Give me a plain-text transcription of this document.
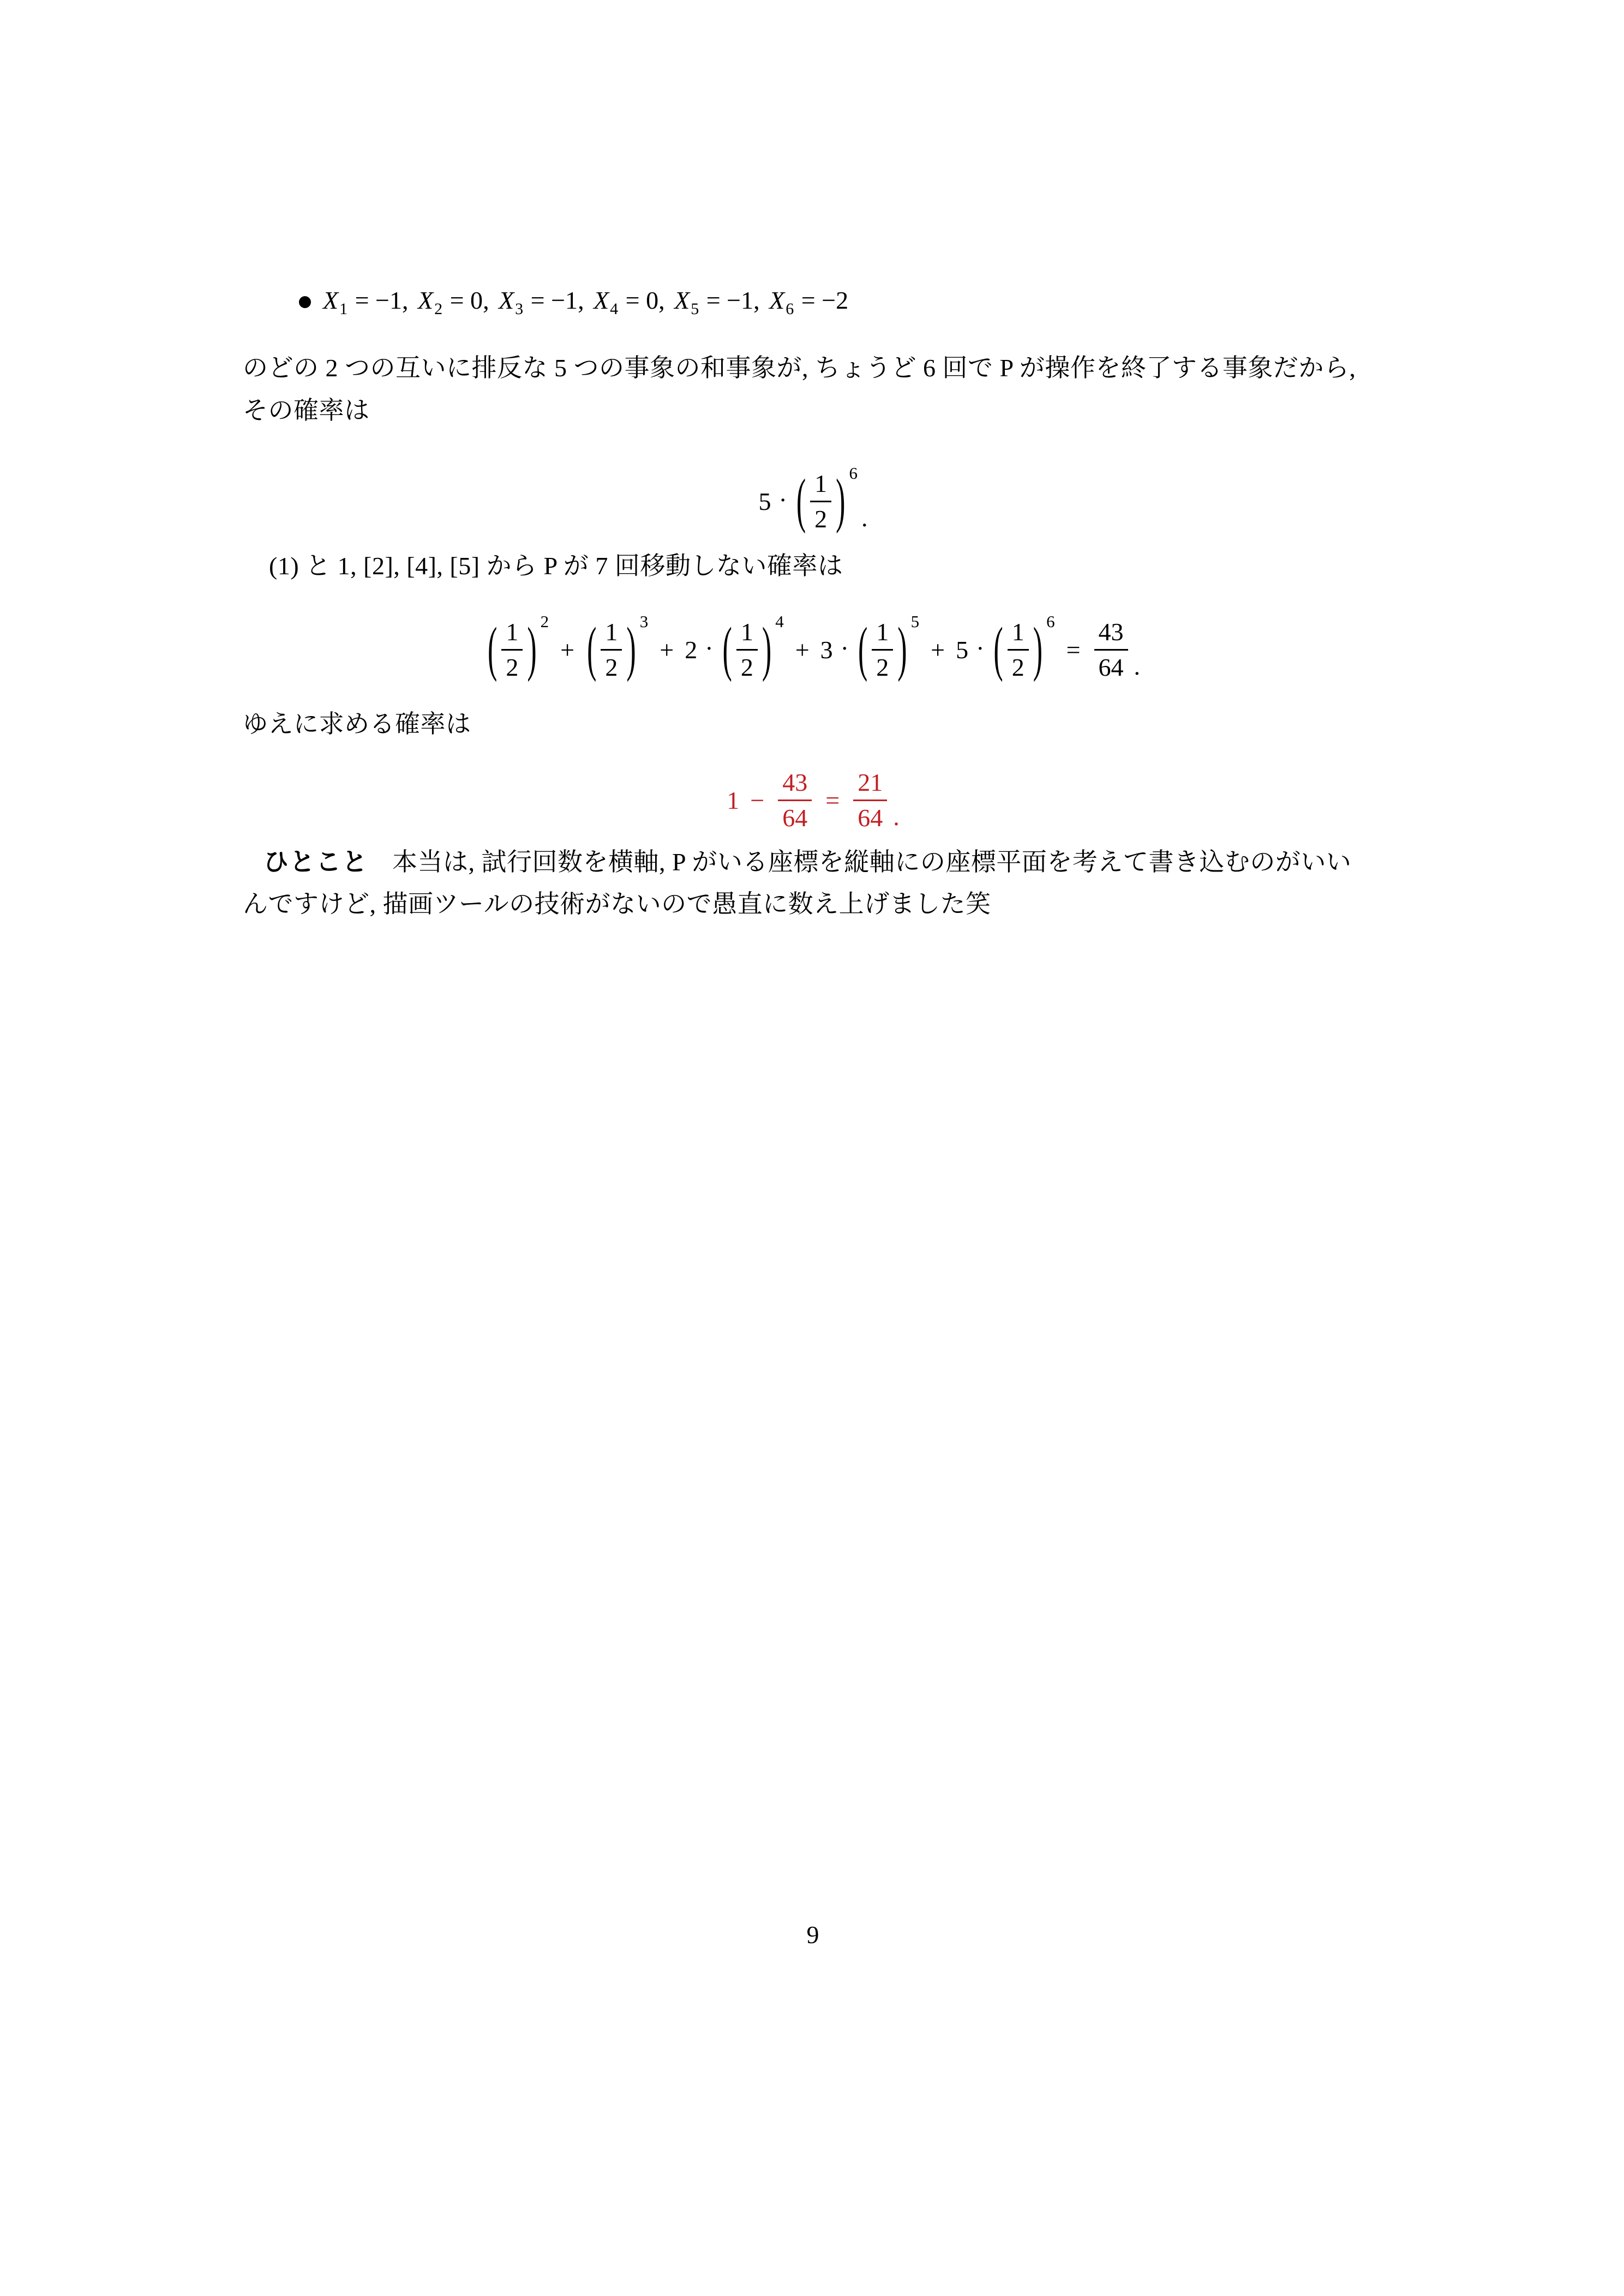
$X_1 = -1$, $X_2 = 0$, $X_3 = -1$, $X_4 = 0$, $X_5 = -1$, $X_6 = -2$
のどの 2 つの互いに排反な 5 つの事象の和事象が, ちょうど 6 回で P が操作を終了する事象だから,
その確率は
5 · ( $\frac{1}{2}$ ) 6
.
(1) と 1, [2], [4], [5] から P が 7 回移動しない確率は
( $\frac{1}{2}$ ) 2
+ ( $\frac{1}{2}$ ) 3
+ 2 · ( $\frac{1}{2}$ ) 4
+ 3 · ( $\frac{1}{2}$ ) 5
+ 5 · ( $\frac{1}{2}$ ) 6
= $\frac{43}{64}$ .
ゆえに求める確率は
$1 - \frac{43}{64} = \frac{21}{64}$ .
ひとこと 本当は, 試行回数を横軸, P がいる座標を縦軸にの座標平面を考えて書き込むのがいい
んですけど, 描画ツールの技術がないので愚直に数え上げました笑
9
